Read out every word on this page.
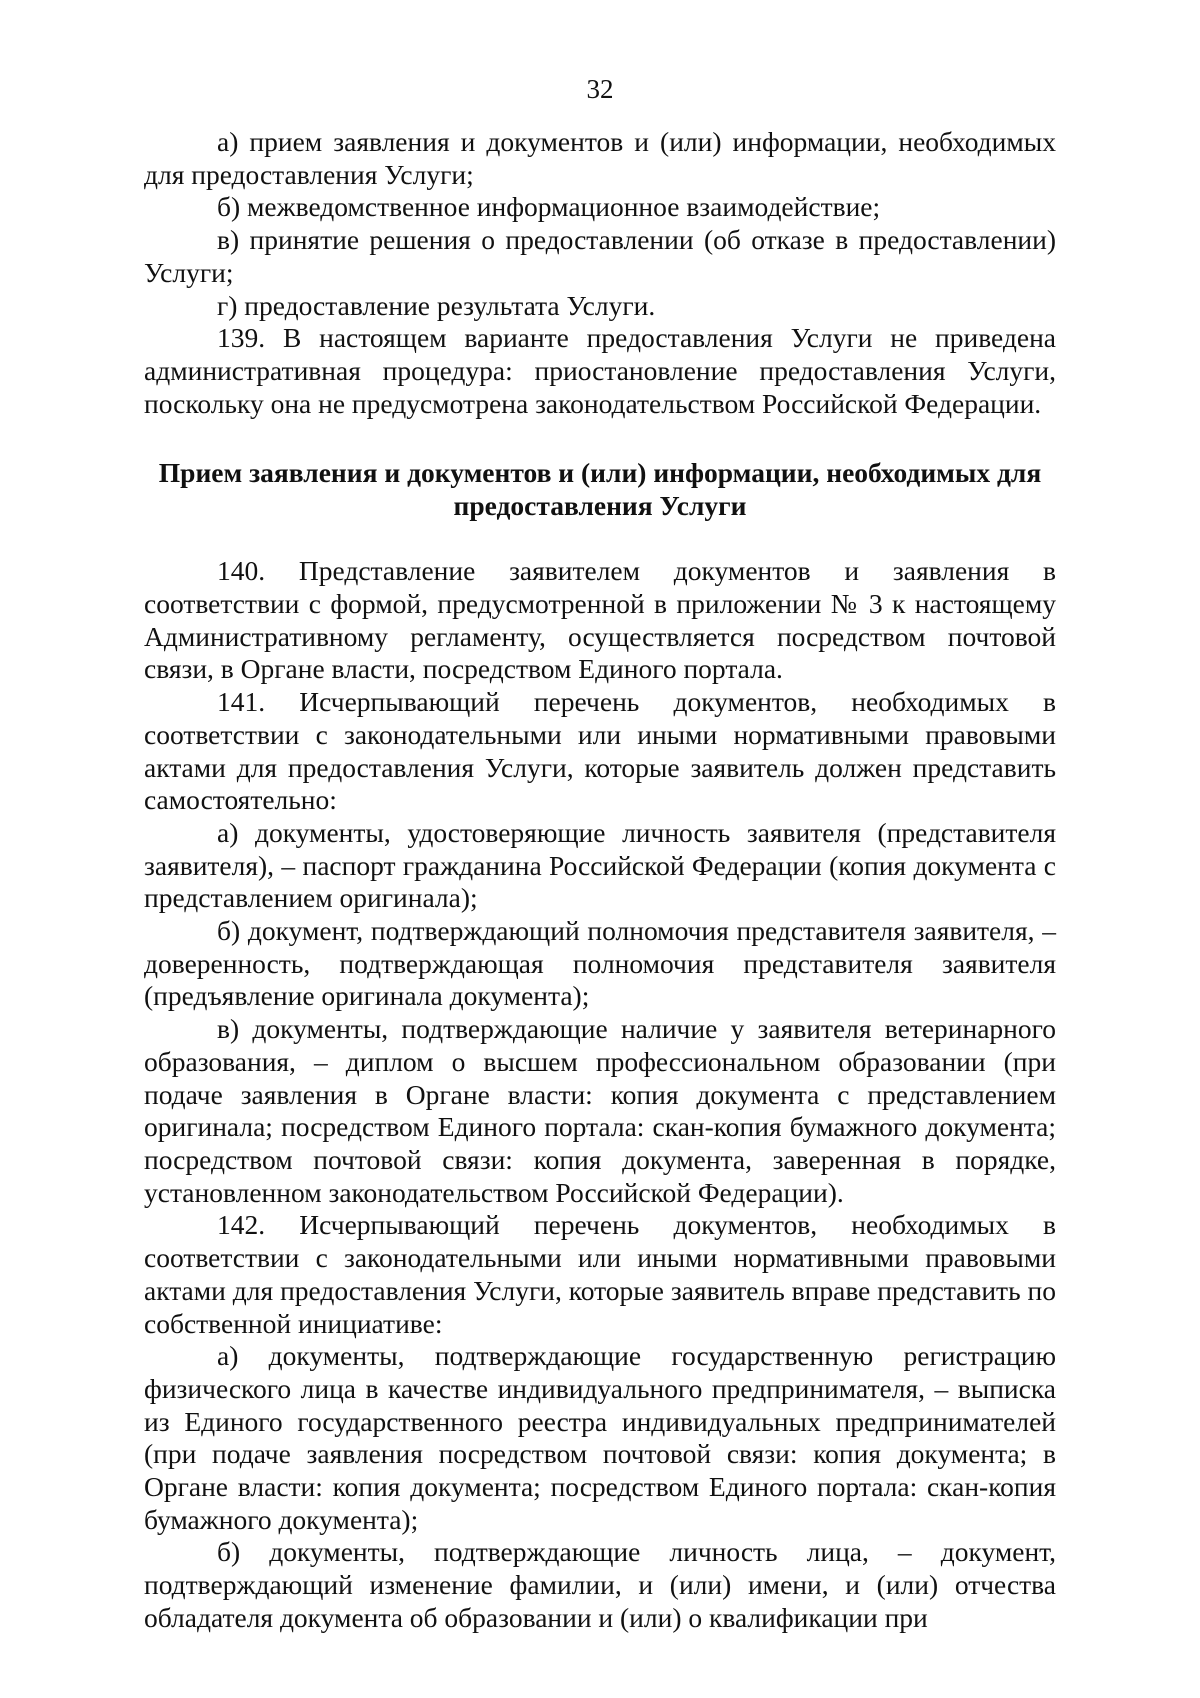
32

а) прием заявления и документов и (или) информации, необходимых для предоставления Услуги;

б) межведомственное информационное взаимодействие;

в) принятие решения о предоставлении (об отказе в предоставлении) Услуги;

г) предоставление результата Услуги.

139. В настоящем варианте предоставления Услуги не приведена административная процедура: приостановление предоставления Услуги, поскольку она не предусмотрена законодательством Российской Федерации.

Прием заявления и документов и (или) информации, необходимых для предоставления Услуги

140. Представление заявителем документов и заявления в соответствии с формой, предусмотренной в приложении № 3 к настоящему Административному регламенту, осуществляется посредством почтовой связи, в Органе власти, посредством Единого портала.

141. Исчерпывающий перечень документов, необходимых в соответствии с законодательными или иными нормативными правовыми актами для предоставления Услуги, которые заявитель должен представить самостоятельно:

а) документы, удостоверяющие личность заявителя (представителя заявителя), – паспорт гражданина Российской Федерации (копия документа с представлением оригинала);

б) документ, подтверждающий полномочия представителя заявителя, – доверенность, подтверждающая полномочия представителя заявителя (предъявление оригинала документа);

в) документы, подтверждающие наличие у заявителя ветеринарного образования, – диплом о высшем профессиональном образовании (при подаче заявления в Органе власти: копия документа с представлением оригинала; посредством Единого портала: скан-копия бумажного документа; посредством почтовой связи: копия документа, заверенная в порядке, установленном законодательством Российской Федерации).

142. Исчерпывающий перечень документов, необходимых в соответствии с законодательными или иными нормативными правовыми актами для предоставления Услуги, которые заявитель вправе представить по собственной инициативе:

а) документы, подтверждающие государственную регистрацию физического лица в качестве индивидуального предпринимателя, – выписка из Единого государственного реестра индивидуальных предпринимателей (при подаче заявления посредством почтовой связи: копия документа; в Органе власти: копия документа; посредством Единого портала: скан-копия бумажного документа);

б) документы, подтверждающие личность лица, – документ, подтверждающий изменение фамилии, и (или) имени, и (или) отчества обладателя документа об образовании и (или) о квалификации при
